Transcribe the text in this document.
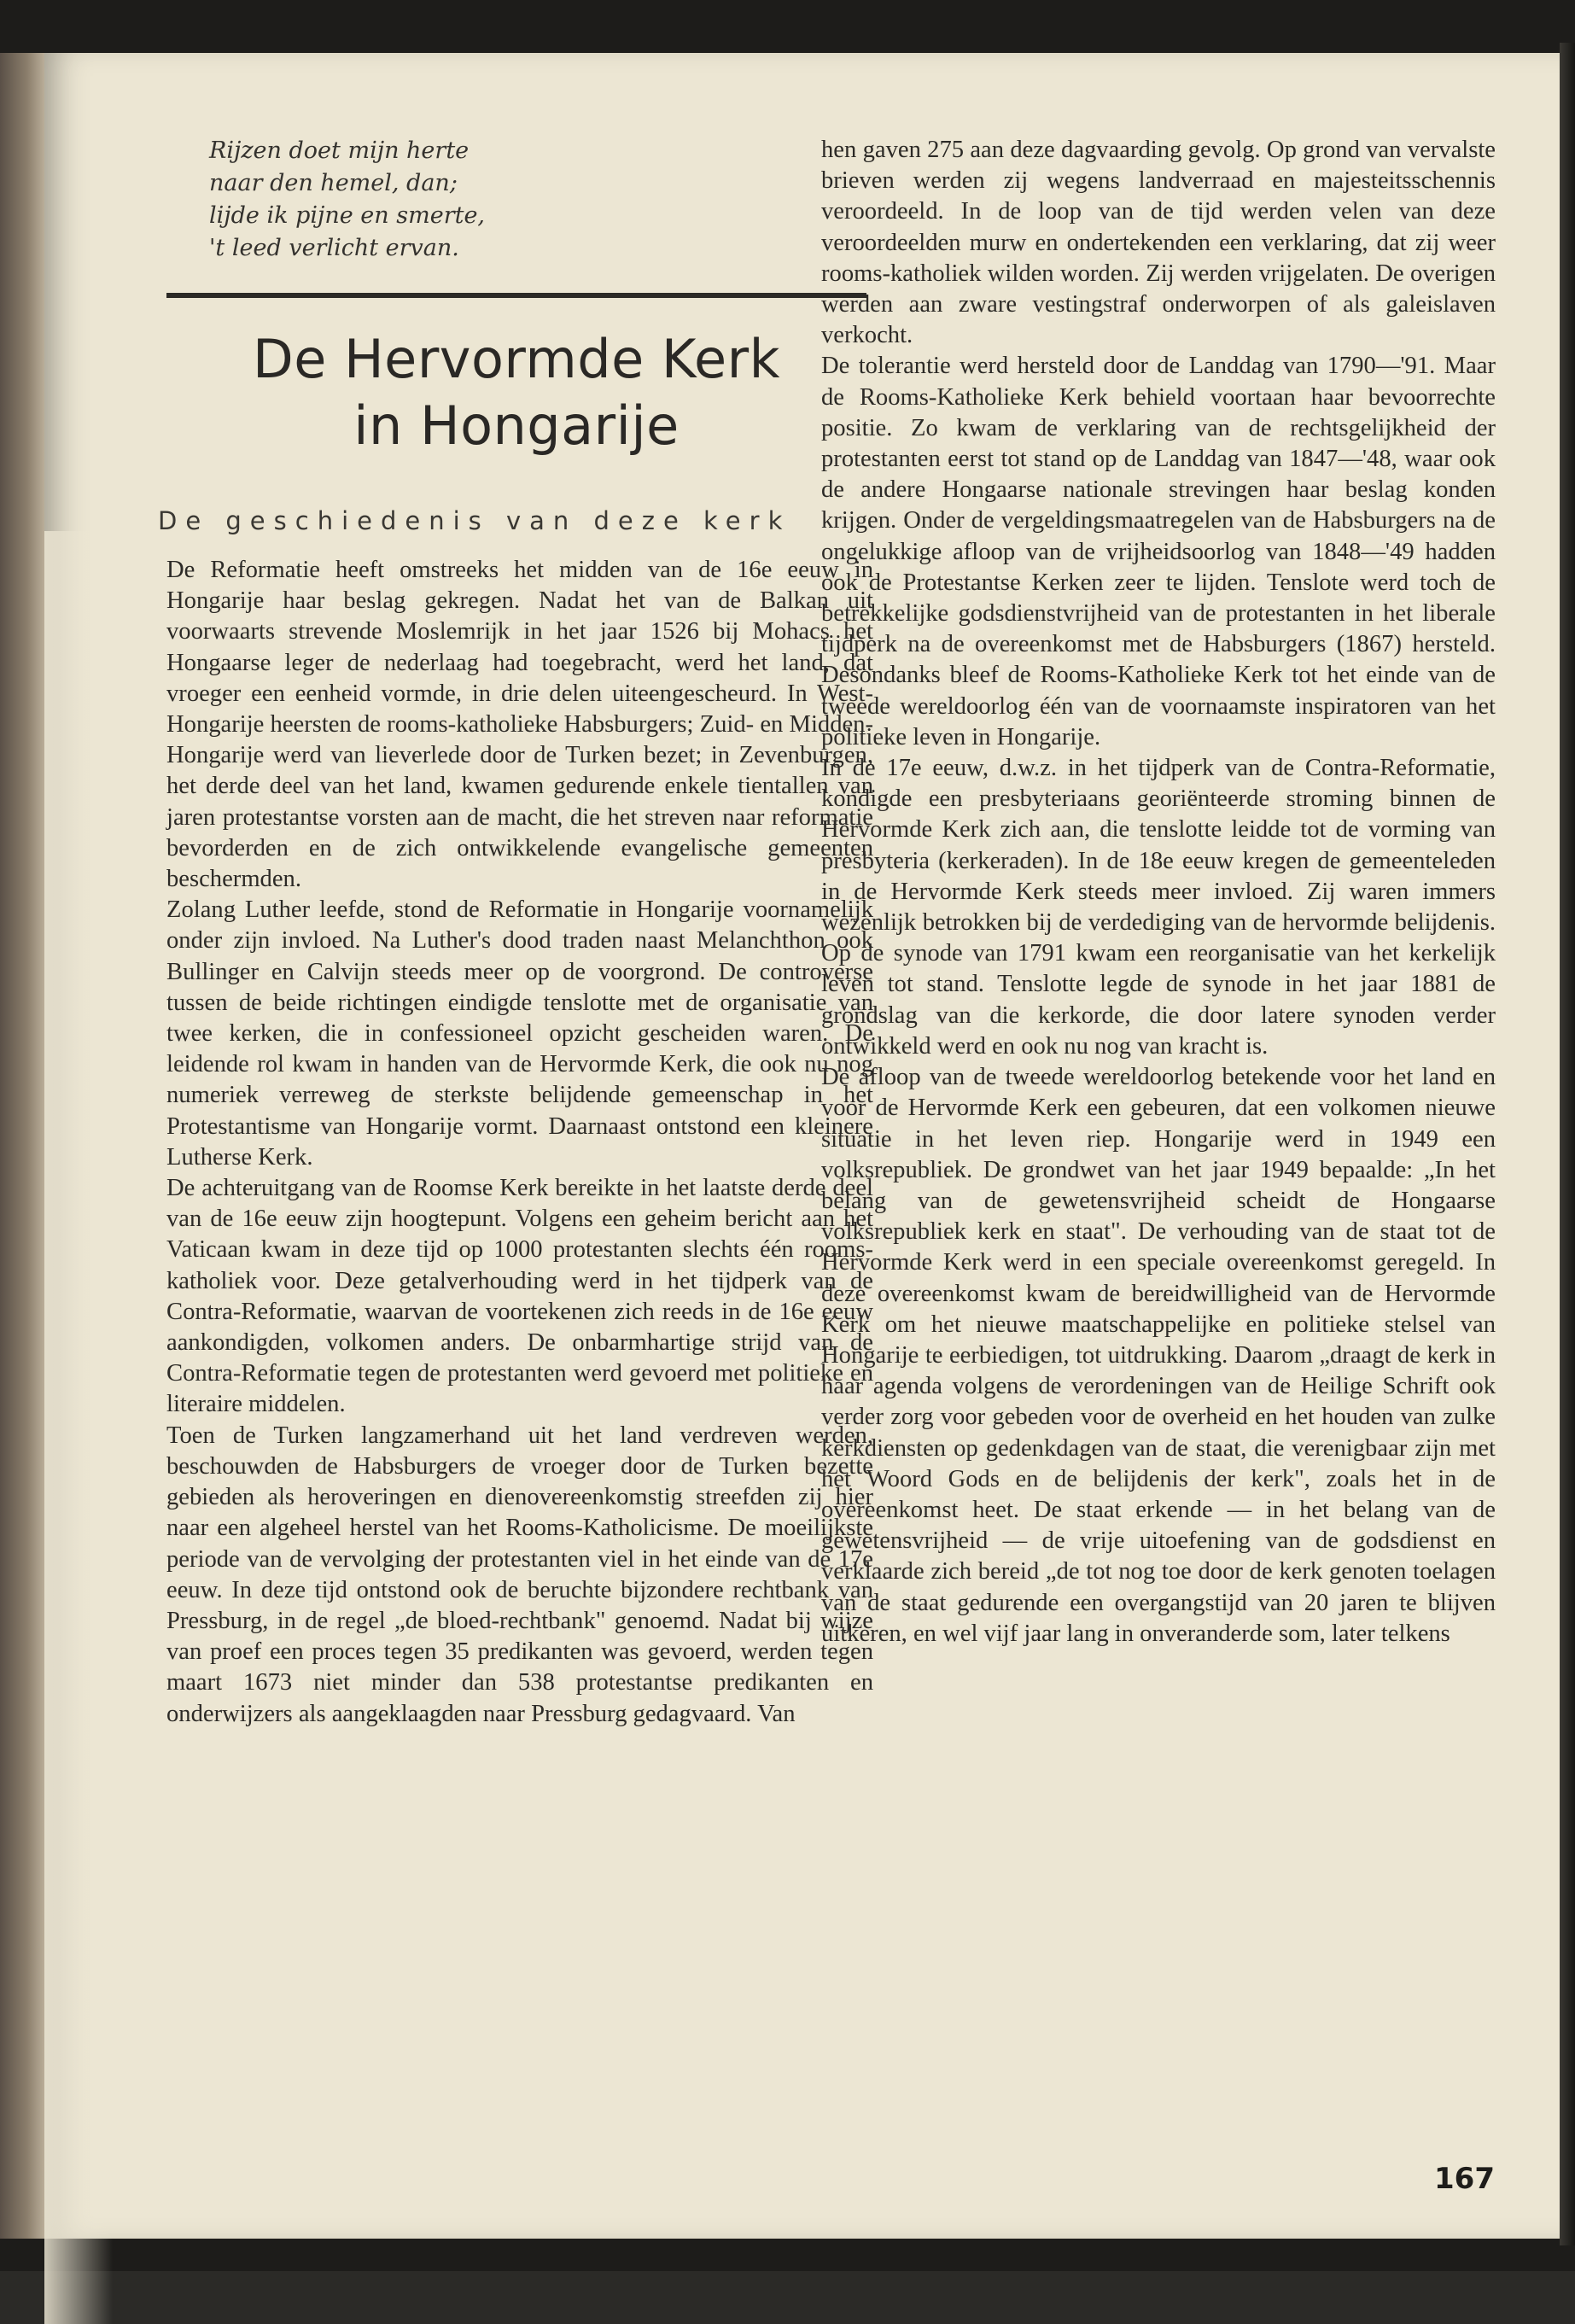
Rijzen doet mijn herte
naar den hemel, dan;
lijde ik pijne en smerte,
't leed verlicht ervan.
De Hervormde Kerk
in Hongarije
De geschiedenis van deze kerk

De Reformatie heeft omstreeks het midden van de 16e eeuw in Hongarije haar beslag gekregen. Nadat het van de Balkan uit voorwaarts strevende Moslemrijk in het jaar 1526 bij Mohacs het Hongaarse leger de nederlaag had toegebracht, werd het land, dat vroeger een eenheid vormde, in drie delen uiteengescheurd. In West-Hongarije heersten de rooms-katholieke Habsburgers; Zuid- en Midden-Hongarije werd van lieverlede door de Turken bezet; in Zevenburgen, het derde deel van het land, kwamen gedurende enkele tientallen van jaren protestantse vorsten aan de macht, die het streven naar reformatie bevorderden en de zich ontwikkelende evangelische gemeenten beschermden.

Zolang Luther leefde, stond de Reformatie in Hongarije voornamelijk onder zijn invloed. Na Luther's dood traden naast Melanchthon ook Bullinger en Calvijn steeds meer op de voorgrond. De controverse tussen de beide richtingen eindigde tenslotte met de organisatie van twee kerken, die in confessioneel opzicht gescheiden waren. De leidende rol kwam in handen van de Hervormde Kerk, die ook nu nog numeriek verreweg de sterkste belijdende gemeenschap in het Protestantisme van Hongarije vormt. Daarnaast ontstond een kleinere Lutherse Kerk.

De achteruitgang van de Roomse Kerk bereikte in het laatste derde deel van de 16e eeuw zijn hoogtepunt. Volgens een geheim bericht aan het Vaticaan kwam in deze tijd op 1000 protestanten slechts één rooms-katholiek voor. Deze getalverhouding werd in het tijdperk van de Contra-Reformatie, waarvan de voortekenen zich reeds in de 16e eeuw aankondigden, volkomen anders. De onbarmhartige strijd van de Contra-Reformatie tegen de protestanten werd gevoerd met politieke en literaire middelen.

Toen de Turken langzamerhand uit het land verdreven werden, beschouwden de Habsburgers de vroeger door de Turken bezette gebieden als heroveringen en dienovereenkomstig streefden zij hier naar een algeheel herstel van het Rooms-Katholicisme. De moeilijkste periode van de vervolging der protestanten viel in het einde van de 17e eeuw. In deze tijd ontstond ook de beruchte bijzondere rechtbank van Pressburg, in de regel „de bloed-rechtbank" genoemd. Nadat bij wijze van proef een proces tegen 35 predikanten was gevoerd, werden tegen maart 1673 niet minder dan 538 protestantse predikanten en onderwijzers als aangeklaagden naar Pressburg gedagvaard. Van

hen gaven 275 aan deze dagvaarding gevolg. Op grond van vervalste brieven werden zij wegens landverraad en majesteitsschennis veroordeeld. In de loop van de tijd werden velen van deze veroordeelden murw en ondertekenden een verklaring, dat zij weer rooms-katholiek wilden worden. Zij werden vrijgelaten. De overigen werden aan zware vestingstraf onderworpen of als galeislaven verkocht.

De tolerantie werd hersteld door de Landdag van 1790—'91. Maar de Rooms-Katholieke Kerk behield voortaan haar bevoorrechte positie. Zo kwam de verklaring van de rechtsgelijkheid der protestanten eerst tot stand op de Landdag van 1847—'48, waar ook de andere Hongaarse nationale strevingen haar beslag konden krijgen. Onder de vergeldingsmaatregelen van de Habsburgers na de ongelukkige afloop van de vrijheidsoorlog van 1848—'49 hadden ook de Protestantse Kerken zeer te lijden. Tenslote werd toch de betrekkelijke godsdienstvrijheid van de protestanten in het liberale tijdperk na de overeenkomst met de Habsburgers (1867) hersteld. Desondanks bleef de Rooms-Katholieke Kerk tot het einde van de tweede wereldoorlog één van de voornaamste inspiratoren van het politieke leven in Hongarije.

In de 17e eeuw, d.w.z. in het tijdperk van de Contra-Reformatie, kondigde een presbyteriaans georiënteerde stroming binnen de Hervormde Kerk zich aan, die tenslotte leidde tot de vorming van presbyteria (kerkeraden). In de 18e eeuw kregen de gemeenteleden in de Hervormde Kerk steeds meer invloed. Zij waren immers wezenlijk betrokken bij de verdediging van de hervormde belijdenis. Op de synode van 1791 kwam een reorganisatie van het kerkelijk leven tot stand. Tenslotte legde de synode in het jaar 1881 de grondslag van die kerkorde, die door latere synoden verder ontwikkeld werd en ook nu nog van kracht is.

De afloop van de tweede wereldoorlog betekende voor het land en voor de Hervormde Kerk een gebeuren, dat een volkomen nieuwe situatie in het leven riep. Hongarije werd in 1949 een volksrepubliek. De grondwet van het jaar 1949 bepaalde: „In het belang van de gewetensvrijheid scheidt de Hongaarse volksrepubliek kerk en staat". De verhouding van de staat tot de Hervormde Kerk werd in een speciale overeenkomst geregeld. In deze overeenkomst kwam de bereidwilligheid van de Hervormde Kerk om het nieuwe maatschappelijke en politieke stelsel van Hongarije te eerbiedigen, tot uitdrukking. Daarom „draagt de kerk in haar agenda volgens de verordeningen van de Heilige Schrift ook verder zorg voor gebeden voor de overheid en het houden van zulke kerkdiensten op gedenkdagen van de staat, die verenigbaar zijn met het Woord Gods en de belijdenis der kerk", zoals het in de overeenkomst heet. De staat erkende — in het belang van de gewetensvrijheid — de vrije uitoefening van de godsdienst en verklaarde zich bereid „de tot nog toe door de kerk genoten toelagen van de staat gedurende een overgangstijd van 20 jaren te blijven uitkeren, en wel vijf jaar lang in onveranderde som, later telkens

167
